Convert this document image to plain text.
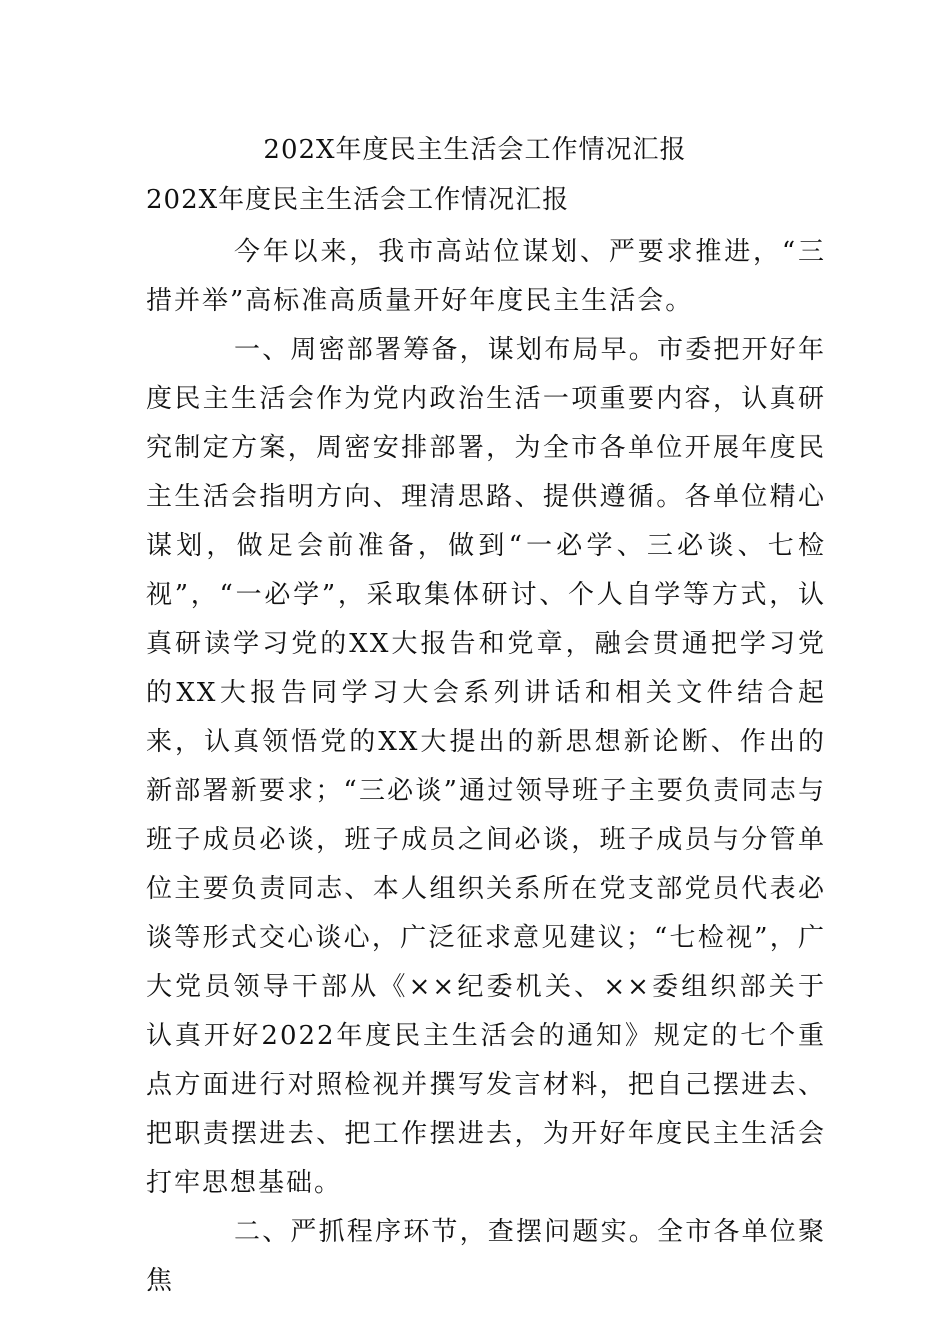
202X年度民主生活会工作情况汇报
202X年度民主生活会工作情况汇报

今年以来，我市高站位谋划、严要求推进，“三措并举”高标准高质量开好年度民主生活会。

一、周密部署筹备，谋划布局早。市委把开好年度民主生活会作为党内政治生活一项重要内容，认真研究制定方案，周密安排部署，为全市各单位开展年度民主生活会指明方向、理清思路、提供遵循。各单位精心谋划，做足会前准备，做到“一必学、三必谈、七检视”，“一必学”，采取集体研讨、个人自学等方式，认真研读学习党的XX大报告和党章，融会贯通把学习党的XX大报告同学习大会系列讲话和相关文件结合起来，认真领悟党的XX大提出的新思想新论断、作出的新部署新要求；“三必谈”通过领导班子主要负责同志与班子成员必谈，班子成员之间必谈，班子成员与分管单位主要负责同志、本人组织关系所在党支部党员代表必谈等形式交心谈心，广泛征求意见建议；“七检视”，广大党员领导干部从《××纪委机关、××委组织部关于认真开好2022年度民主生活会的通知》规定的七个重点方面进行对照检视并撰写发言材料，把自己摆进去、把职责摆进去、把工作摆进去，为开好年度民主生活会打牢思想基础。

二、严抓程序环节，查摆问题实。全市各单位聚焦
